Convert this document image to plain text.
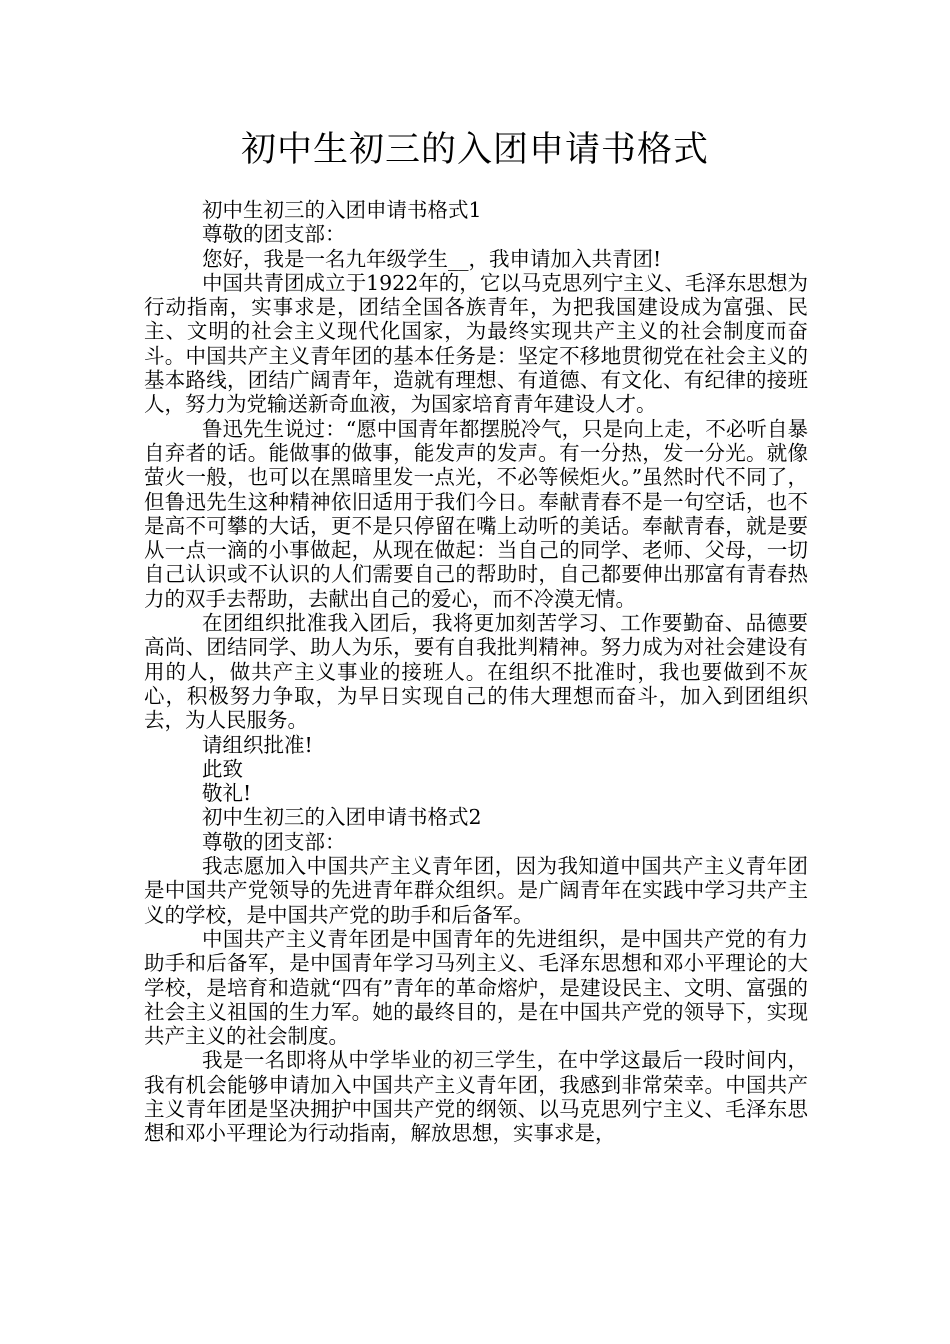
初中生初三的入团申请书格式

初中生初三的入团申请书格式1

尊敬的团支部：

您好，我是一名九年级学生__，我申请加入共青团!

中国共青团成立于1922年的，它以马克思列宁主义、毛泽东思想为行动指南，实事求是，团结全国各族青年，为把我国建设成为富强、民主、文明的社会主义现代化国家，为最终实现共产主义的社会制度而奋斗。中国共产主义青年团的基本任务是：坚定不移地贯彻党在社会主义的基本路线，团结广阔青年，造就有理想、有道德、有文化、有纪律的接班人，努力为党输送新奇血液，为国家培育青年建设人才。

鲁迅先生说过：“愿中国青年都摆脱冷气，只是向上走，不必听自暴自弃者的话。能做事的做事，能发声的发声。有一分热，发一分光。就像萤火一般，也可以在黑暗里发一点光，不必等候炬火。”虽然时代不同了，但鲁迅先生这种精神依旧适用于我们今日。奉献青春不是一句空话，也不是高不可攀的大话，更不是只停留在嘴上动听的美话。奉献青春，就是要从一点一滴的小事做起，从现在做起：当自己的同学、老师、父母，一切自己认识或不认识的人们需要自己的帮助时，自己都要伸出那富有青春热力的双手去帮助，去献出自己的爱心，而不冷漠无情。

在团组织批准我入团后，我将更加刻苦学习、工作要勤奋、品德要高尚、团结同学、助人为乐，要有自我批判精神。努力成为对社会建设有用的人，做共产主义事业的接班人。在组织不批准时，我也要做到不灰心，积极努力争取，为早日实现自己的伟大理想而奋斗，加入到团组织去，为人民服务。

请组织批准!

此致

敬礼!

初中生初三的入团申请书格式2

尊敬的团支部：

我志愿加入中国共产主义青年团，因为我知道中国共产主义青年团是中国共产党领导的先进青年群众组织。是广阔青年在实践中学习共产主义的学校，是中国共产党的助手和后备军。

中国共产主义青年团是中国青年的先进组织，是中国共产党的有力助手和后备军，是中国青年学习马列主义、毛泽东思想和邓小平理论的大学校，是培育和造就“四有”青年的革命熔炉，是建设民主、文明、富强的社会主义祖国的生力军。她的最终目的，是在中国共产党的领导下，实现共产主义的社会制度。

我是一名即将从中学毕业的初三学生，在中学这最后一段时间内，我有机会能够申请加入中国共产主义青年团，我感到非常荣幸。中国共产主义青年团是坚决拥护中国共产党的纲领、以马克思列宁主义、毛泽东思想和邓小平理论为行动指南，解放思想，实事求是，
